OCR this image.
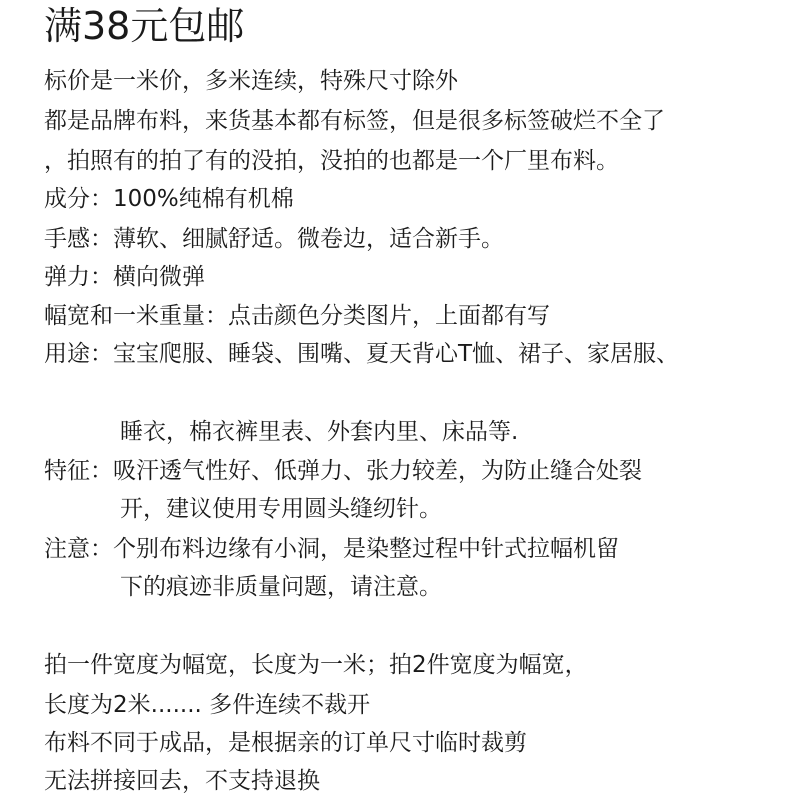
满38元包邮
标价是一米价，多米连续，特殊尺寸除外
都是品牌布料，来货基本都有标签，但是很多标签破烂不全了
，拍照有的拍了有的没拍，没拍的也都是一个厂里布料。
成分：100%纯棉有机棉
手感：薄软、细腻舒适。微卷边，适合新手。
弹力：横向微弹
幅宽和一米重量：点击颜色分类图片，上面都有写
用途：宝宝爬服、睡袋、围嘴、夏天背心T恤、裙子、家居服、
睡衣，棉衣裤里表、外套内里、床品等.
特征：吸汗透气性好、低弹力、张力较差，为防止缝合处裂
开，建议使用专用圆头缝纫针。
注意：个别布料边缘有小洞，是染整过程中针式拉幅机留
下的痕迹非质量问题，请注意。
拍一件宽度为幅宽，长度为一米；拍2件宽度为幅宽，
长度为2米....... 多件连续不裁开
布料不同于成品，是根据亲的订单尺寸临时裁剪
无法拼接回去，不支持退换
